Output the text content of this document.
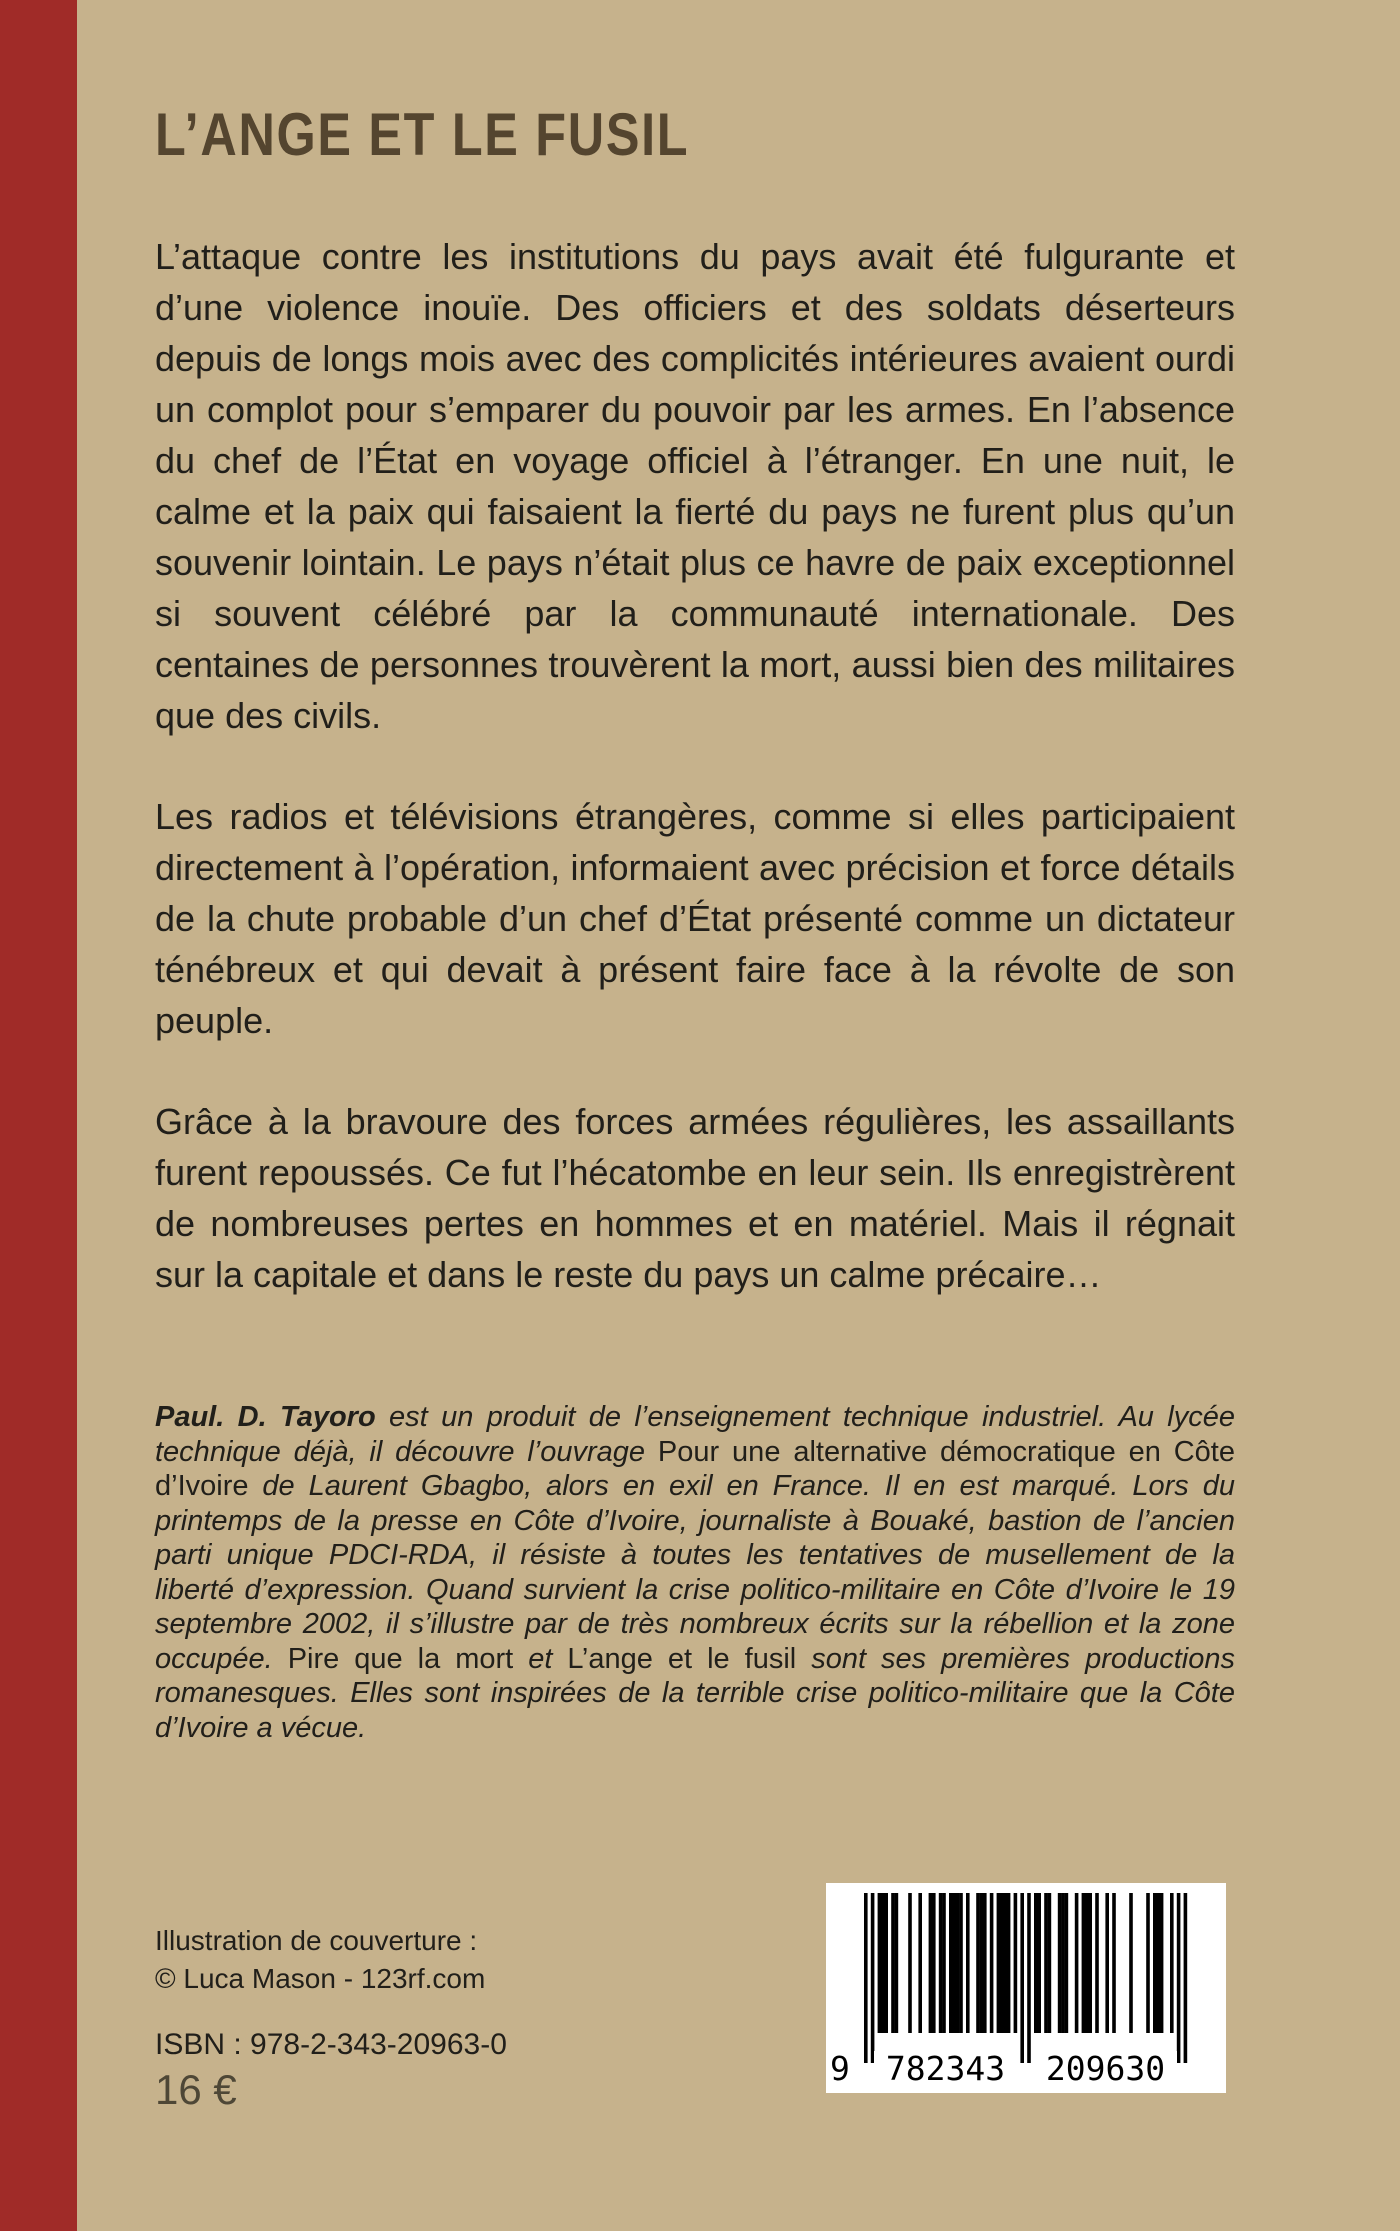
L’ANGE ET LE FUSIL

L’attaque contre les institutions du pays avait été fulgurante et d’une violence inouïe. Des officiers et des soldats déserteurs depuis de longs mois avec des complicités intérieures avaient ourdi un complot pour s’emparer du pouvoir par les armes. En l’absence du chef de l’État en voyage officiel à l’étranger. En une nuit, le calme et la paix qui faisaient la fierté du pays ne furent plus qu’un souvenir lointain. Le pays n’était plus ce havre de paix exceptionnel si souvent célébré par la communauté internationale. Des centaines de personnes trouvèrent la mort, aussi bien des militaires que des civils.

Les radios et télévisions étrangères, comme si elles participaient directement à l’opération, informaient avec précision et force détails de la chute probable d’un chef d’État présenté comme un dictateur ténébreux et qui devait à présent faire face à la révolte de son peuple.

Grâce à la bravoure des forces armées régulières, les assaillants furent repoussés. Ce fut l’hécatombe en leur sein. Ils enregistrèrent de nombreuses pertes en hommes et en matériel. Mais il régnait sur la capitale et dans le reste du pays un calme précaire…

Paul. D. Tayoro est un produit de l’enseignement technique industriel. Au lycée technique déjà, il découvre l’ouvrage Pour une alternative démocratique en Côte d’Ivoire de Laurent Gbagbo, alors en exil en France. Il en est marqué. Lors du printemps de la presse en Côte d’Ivoire, journaliste à Bouaké, bastion de l’ancien parti unique PDCI-RDA, il résiste à toutes les tentatives de musellement de la liberté d’expression. Quand survient la crise politico-militaire en Côte d’Ivoire le 19 septembre 2002, il s’illustre par de très nombreux écrits sur la rébellion et la zone occupée. Pire que la mort et L’ange et le fusil sont ses premières productions romanesques. Elles sont inspirées de la terrible crise politico-militaire que la Côte d’Ivoire a vécue.

Illustration de couverture :
© Luca Mason - 123rf.com
ISBN : 978-2-343-20963-0
16 €	9	782343	209630
